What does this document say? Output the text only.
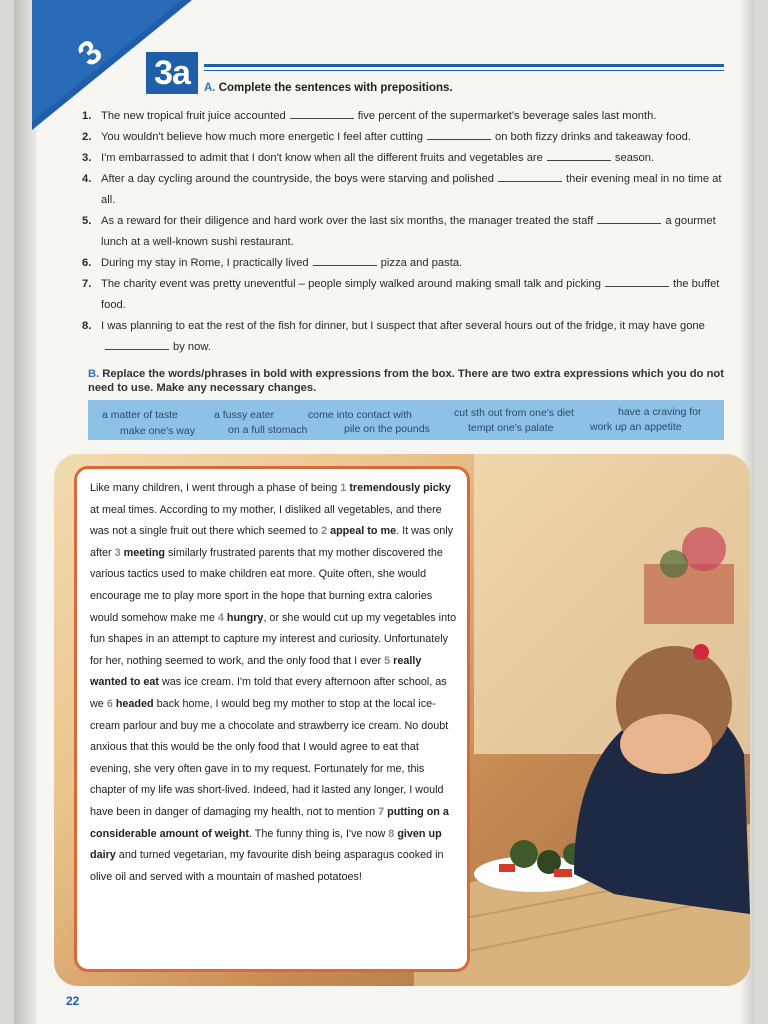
3 3a	A. Complete the sentences with prepositions.
1. The new tropical fruit juice accounted	five percent of the supermarket's beverage sales last month.
2. You wouldn't believe how much more energetic I feel after cutting	on both fizzy drinks and takeaway food.
3. I'm embarrassed to admit that I don't know when all the different fruits and vegetables are	season.
4. After a day cycling around the countryside, the boys were starving and polished	their evening meal in no time at all.
5. As a reward for their diligence and hard work over the last six months, the manager treated the staff	a gourmet lunch at a well-known sushi restaurant.
6. During my stay in Rome, I practically lived	pizza and pasta.
7. The charity event was pretty uneventful – people simply walked around making small talk and picking	the buffet food.
8. I was planning to eat the rest of the fish for dinner, but I suspect that after several hours out of the fridge, it may have goneby now.
B. Replace the words/phrases in bold with expressions from the box. There are two extra expressions which you do not need to use. Make any necessary changes.
a matter of taste	a fussy eater	come into contact with	cut sth out from one's diet	have a craving for
make one's way	on a full stomach	pile on the pounds	tempt one's palate	work up an appetite
Like many children, I went through a phase of being 1 tremendously picky at meal times. According to my mother, I disliked all vegetables, and there was not a single fruit out there which seemed to 2 appeal to me. It was only after 3 meeting similarly frustrated parents that my mother discovered the various tactics used to make children eat more. Quite often, she would encourage me to play more sport in the hope that burning extra calories would somehow make me 4 hungry, or she would cut up my vegetables into fun shapes in an attempt to capture my interest and curiosity. Unfortunately for her, nothing seemed to work, and the only food that I ever 5 really wanted to eat was ice cream. I'm told that every afternoon after school, as we 6 headed back home, I would beg my mother to stop at the local ice-cream parlour and buy me a chocolate and strawberry ice cream. No doubt anxious that this would be the only food that I would agree to eat that evening, she very often gave in to my request. Fortunately for me, this chapter of my life was short-lived. Indeed, had it lasted any longer, I would have been in danger of damaging my health, not to mention 7 putting on a considerable amount of weight. The funny thing is, I've now 8 given up dairy and turned vegetarian, my favourite dish being asparagus cooked in olive oil and served with a mountain of mashed potatoes!
22
